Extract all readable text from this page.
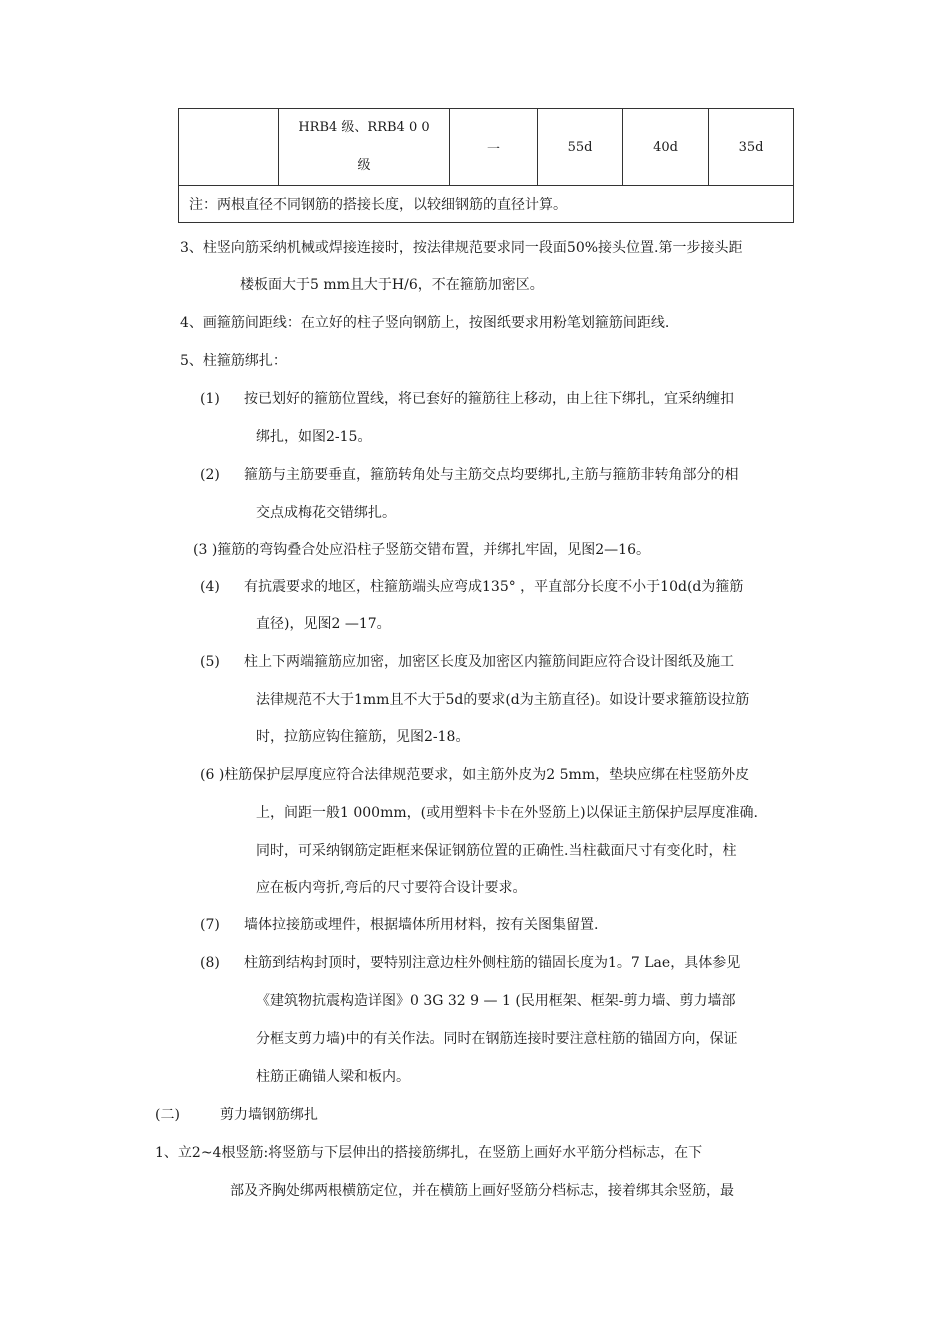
HRB4 级、RRB4 0 0
级
	一	55d	40d	35d
注：两根直径不同钢筋的搭接长度，以较细钢筋的直径计算。
3、柱竖向筋采纳机械或焊接连接时，按法律规范要求同一段面50%接头位置.第一步接头距
楼板面大于5 mm且大于H/6，不在箍筋加密区。
4、画箍筋间距线：在立好的柱子竖向钢筋上，按图纸要求用粉笔划箍筋间距线.
5、柱箍筋绑扎：
(1) 按已划好的箍筋位置线，将已套好的箍筋往上移动，由上往下绑扎，宜采纳缠扣
绑扎，如图2-15。
(2) 箍筋与主筋要垂直，箍筋转角处与主筋交点均要绑扎,主筋与箍筋非转角部分的相
交点成梅花交错绑扎。
(3 )箍筋的弯钩叠合处应沿柱子竖筋交错布置，并绑扎牢固，见图2—16。
(4) 有抗震要求的地区，柱箍筋端头应弯成135° ，平直部分长度不小于10d(d为箍筋
直径)，见图2 —17。
(5) 柱上下两端箍筋应加密，加密区长度及加密区内箍筋间距应符合设计图纸及施工
法律规范不大于1mm且不大于5d的要求(d为主筋直径)。如设计要求箍筋设拉筋
时，拉筋应钩住箍筋，见图2-18。
(6 )柱筋保护层厚度应符合法律规范要求，如主筋外皮为2 5mm，垫块应绑在柱竖筋外皮
上，间距一般1 000mm，(或用塑料卡卡在外竖筋上)以保证主筋保护层厚度准确.
同时，可采纳钢筋定距框来保证钢筋位置的正确性.当柱截面尺寸有变化时，柱
应在板内弯折,弯后的尺寸要符合设计要求。
(7) 墙体拉接筋或埋件，根据墙体所用材料，按有关图集留置.
(8) 柱筋到结构封顶时，要特别注意边柱外侧柱筋的锚固长度为1。7 Lae，具体参见
《建筑物抗震构造详图》0 3G 32 9 — 1 (民用框架、框架-剪力墙、剪力墙部
分框支剪力墙)中的有关作法。同时在钢筋连接时要注意柱筋的锚固方向，保证
柱筋正确锚人梁和板内。
(二)	剪力墙钢筋绑扎
1、立2~4根竖筋:将竖筋与下层伸出的搭接筋绑扎，在竖筋上画好水平筋分档标志，在下
部及齐胸处绑两根横筋定位，并在横筋上画好竖筋分档标志，接着绑其余竖筋，最
